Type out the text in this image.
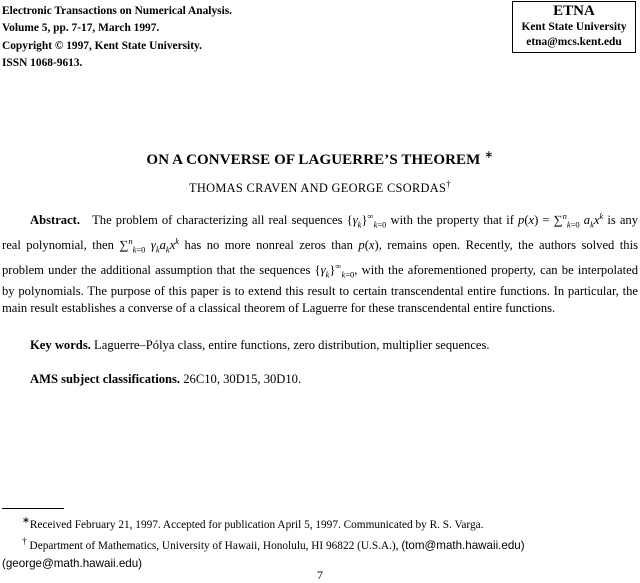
Electronic Transactions on Numerical Analysis.
Volume 5, pp. 7-17, March 1997.
Copyright © 1997, Kent State University.
ISSN 1068-9613.
ETNA
Kent State University
etna@mcs.kent.edu
ON A CONVERSE OF LAGUERRE’S THEOREM ∗
THOMAS CRAVEN AND GEORGE CSORDAS†

Abstract. The problem of characterizing all real sequences $\{\gamma_k\}^\infty_{k=0}$ with the property that if p(x) = ∑$^n_{k=0}$ $a_kx^k$ is any real polynomial, then ∑$^n_{k=0}$ $\gamma_ka_kx^k$ has no more nonreal zeros than p(x), remains open. Recently, the authors solved this problem under the additional assumption that the sequences $\{\gamma_k\}^\infty_{k=0}$, with the aforementioned property, can be interpolated by polynomials. The purpose of this paper is to extend this result to certain transcendental entire functions. In particular, the main result establishes a converse of a classical theorem of Laguerre for these transcendental entire functions.

Key words. Laguerre–Pólya class, entire functions, zero distribution, multiplier sequences.
AMS subject classifications. 26C10, 30D15, 30D10.
∗Received February 21, 1997. Accepted for publication April 5, 1997. Communicated by R. S. Varga.
† Department of Mathematics, University of Hawaii, Honolulu, HI 96822 (U.S.A.), (tom@math.hawaii.edu)
(george@math.hawaii.edu)
7
